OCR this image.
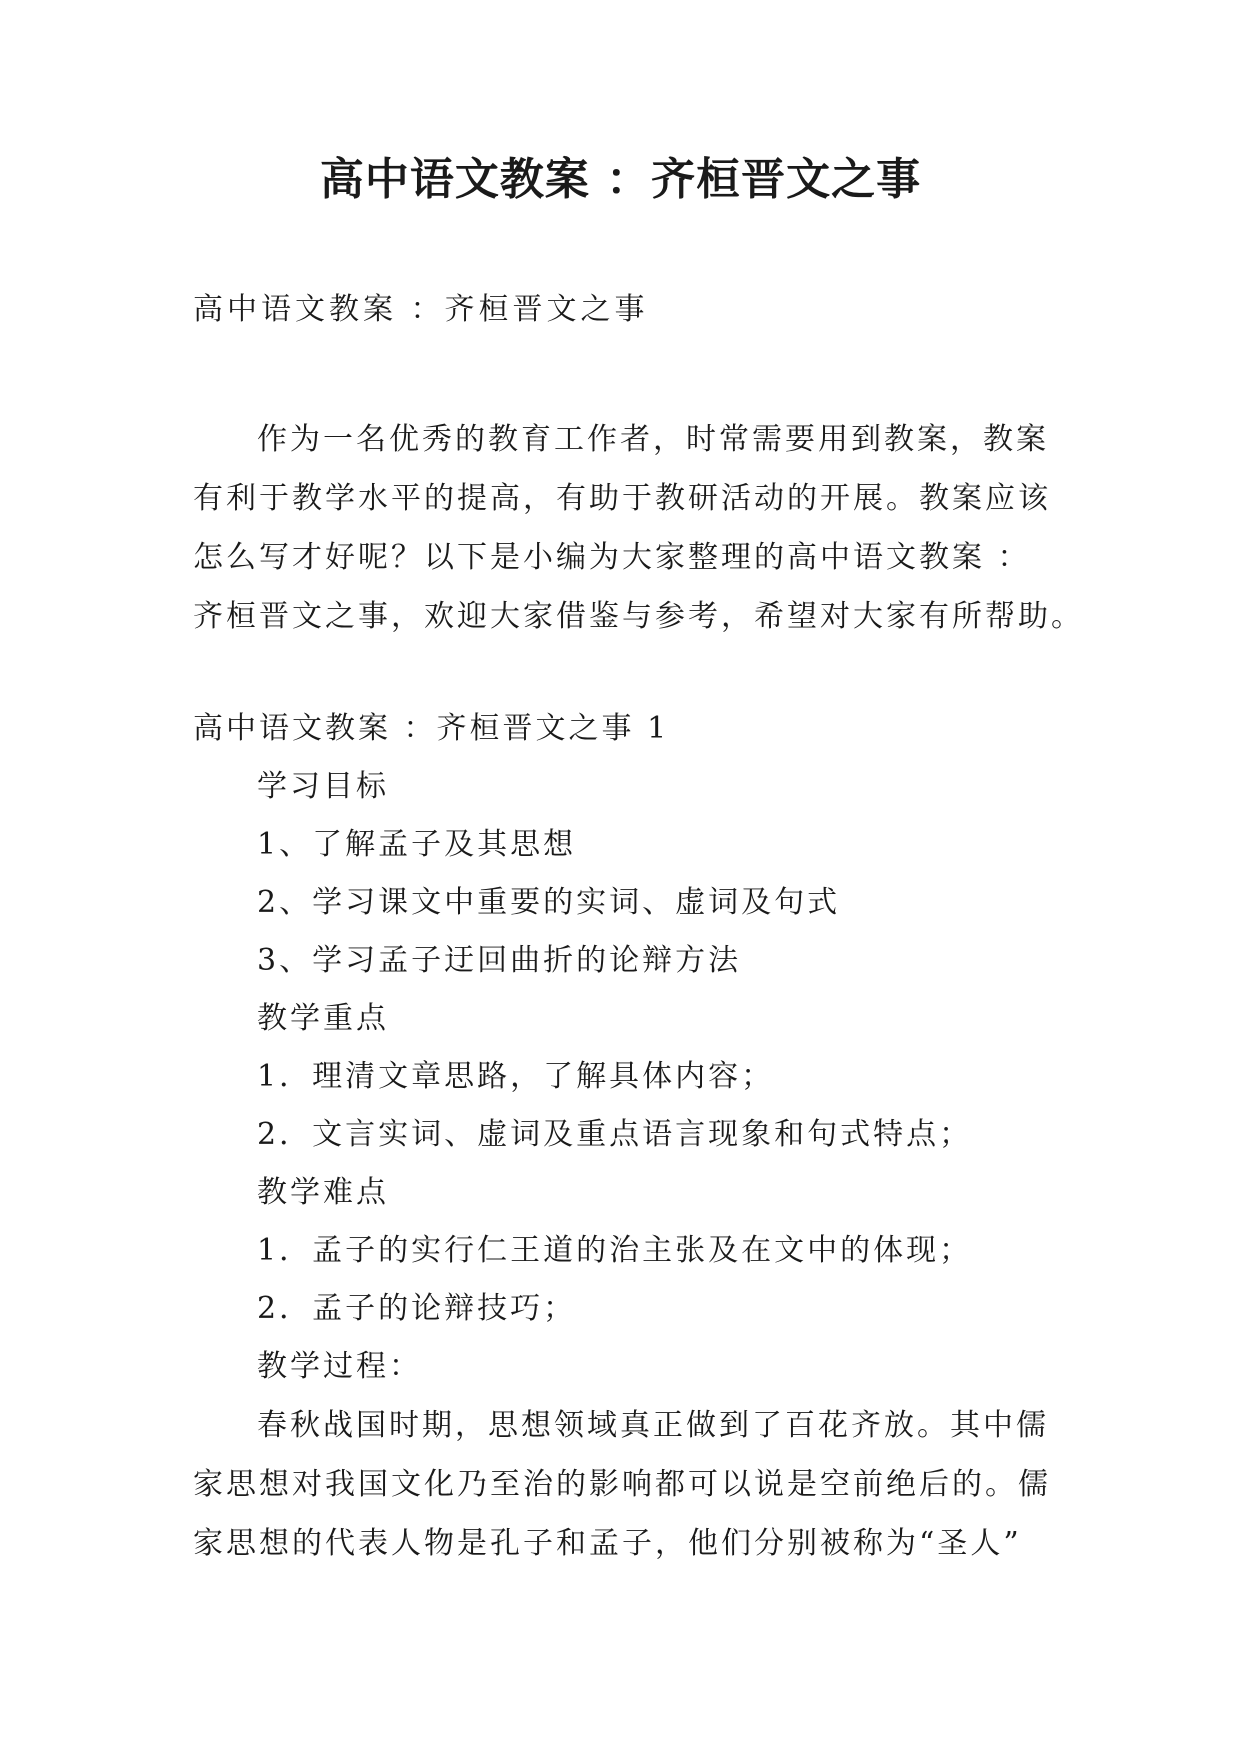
高中语文教案 ：齐桓晋文之事
高中语文教案 ：齐桓晋文之事
作为一名优秀的教育工作者，时常需要用到教案，教案
有利于教学水平的提高，有助于教研活动的开展。教案应该
怎么写才好呢？以下是小编为大家整理的高中语文教案 ：
齐桓晋文之事，欢迎大家借鉴与参考，希望对大家有所帮助。
高中语文教案 ：齐桓晋文之事 1
学习目标
1、了解孟子及其思想
2、学习课文中重要的实词、虚词及句式
3、学习孟子迂回曲折的论辩方法
教学重点
1．理清文章思路，了解具体内容；
2．文言实词、虚词及重点语言现象和句式特点；
教学难点
1．孟子的实行仁王道的治主张及在文中的体现；
2．孟子的论辩技巧；
教学过程：
春秋战国时期，思想领域真正做到了百花齐放。其中儒
家思想对我国文化乃至治的影响都可以说是空前绝后的。儒
家思想的代表人物是孔子和孟子，他们分别被称为“圣人”
